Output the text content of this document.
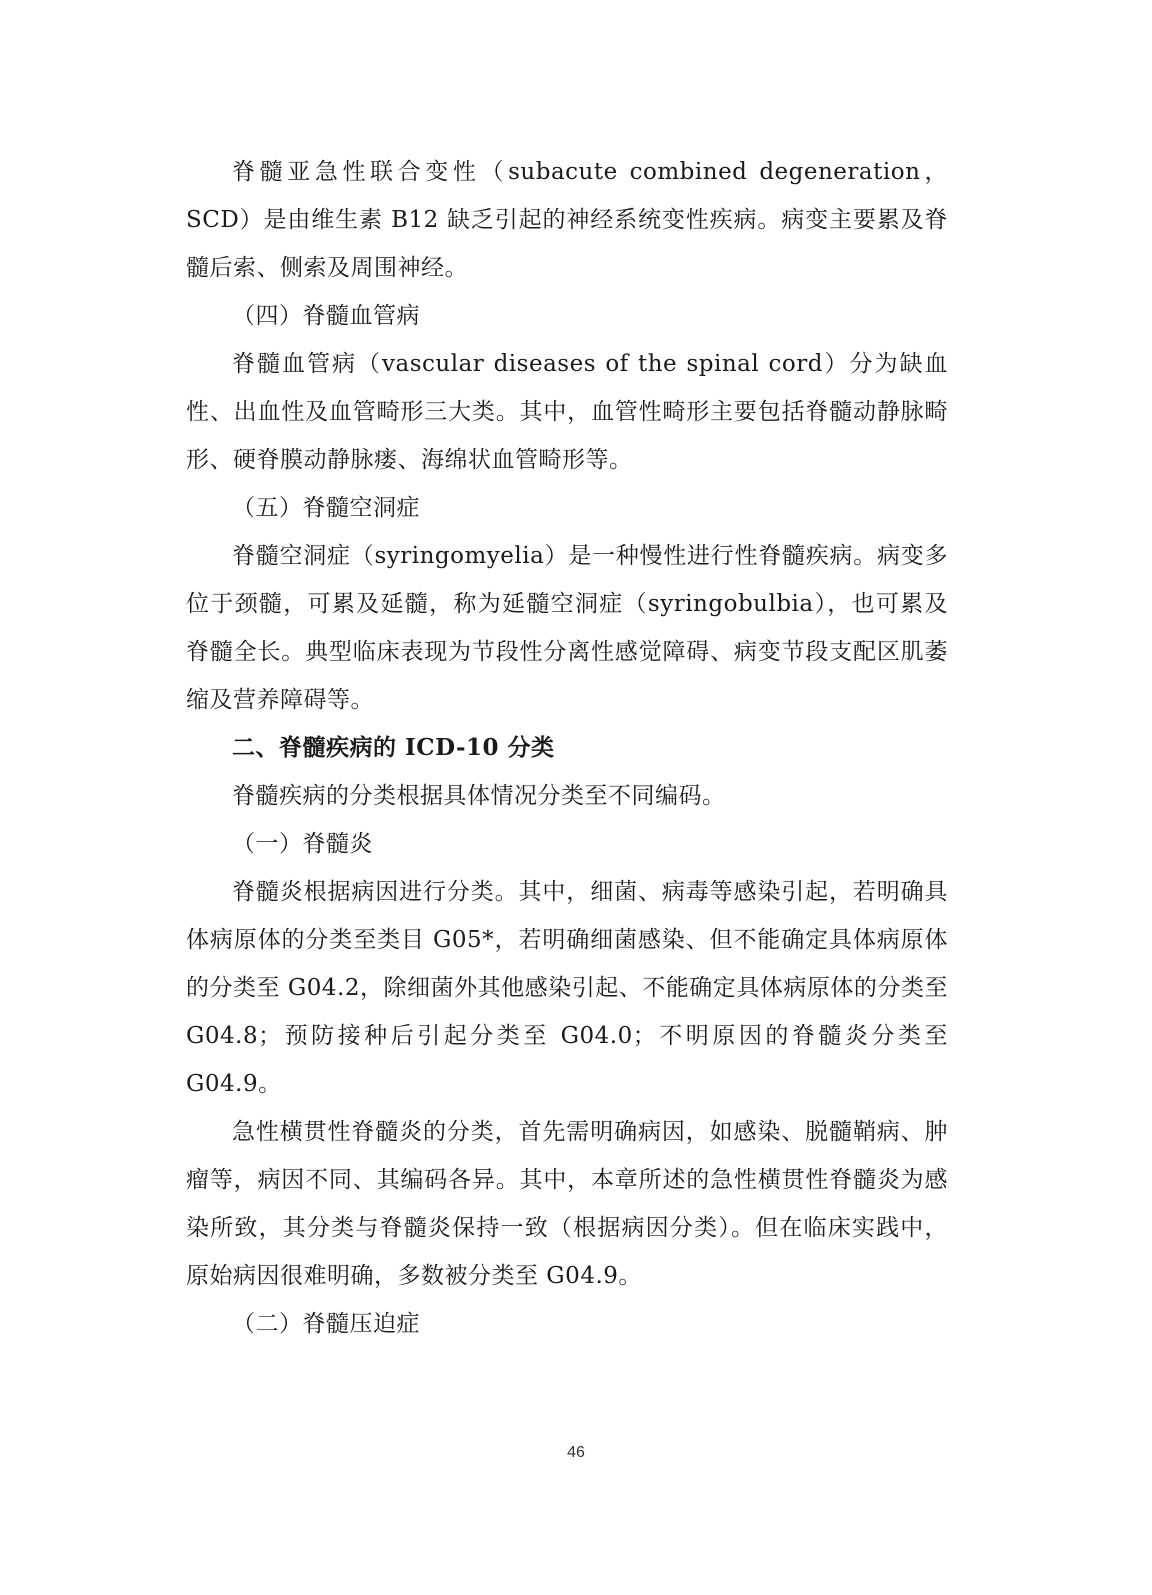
脊髓亚急性联合变性（subacute combined degeneration，SCD）是由维生素 B12 缺乏引起的神经系统变性疾病。病变主要累及脊髓后索、侧索及周围神经。

（四）脊髓血管病

脊髓血管病（vascular diseases of the spinal cord）分为缺血性、出血性及血管畸形三大类。其中，血管性畸形主要包括脊髓动静脉畸形、硬脊膜动静脉瘘、海绵状血管畸形等。

（五）脊髓空洞症

脊髓空洞症（syringomyelia）是一种慢性进行性脊髓疾病。病变多位于颈髓，可累及延髓，称为延髓空洞症（syringobulbia），也可累及脊髓全长。典型临床表现为节段性分离性感觉障碍、病变节段支配区肌萎缩及营养障碍等。

二、脊髓疾病的 ICD-10 分类

脊髓疾病的分类根据具体情况分类至不同编码。

（一）脊髓炎

脊髓炎根据病因进行分类。其中，细菌、病毒等感染引起，若明确具体病原体的分类至类目 G05*，若明确细菌感染、但不能确定具体病原体的分类至 G04.2，除细菌外其他感染引起、不能确定具体病原体的分类至 G04.8；预防接种后引起分类至 G04.0；不明原因的脊髓炎分类至 G04.9。

急性横贯性脊髓炎的分类，首先需明确病因，如感染、脱髓鞘病、肿瘤等，病因不同、其编码各异。其中，本章所述的急性横贯性脊髓炎为感染所致，其分类与脊髓炎保持一致（根据病因分类）。但在临床实践中，原始病因很难明确，多数被分类至 G04.9。

（二）脊髓压迫症

46
